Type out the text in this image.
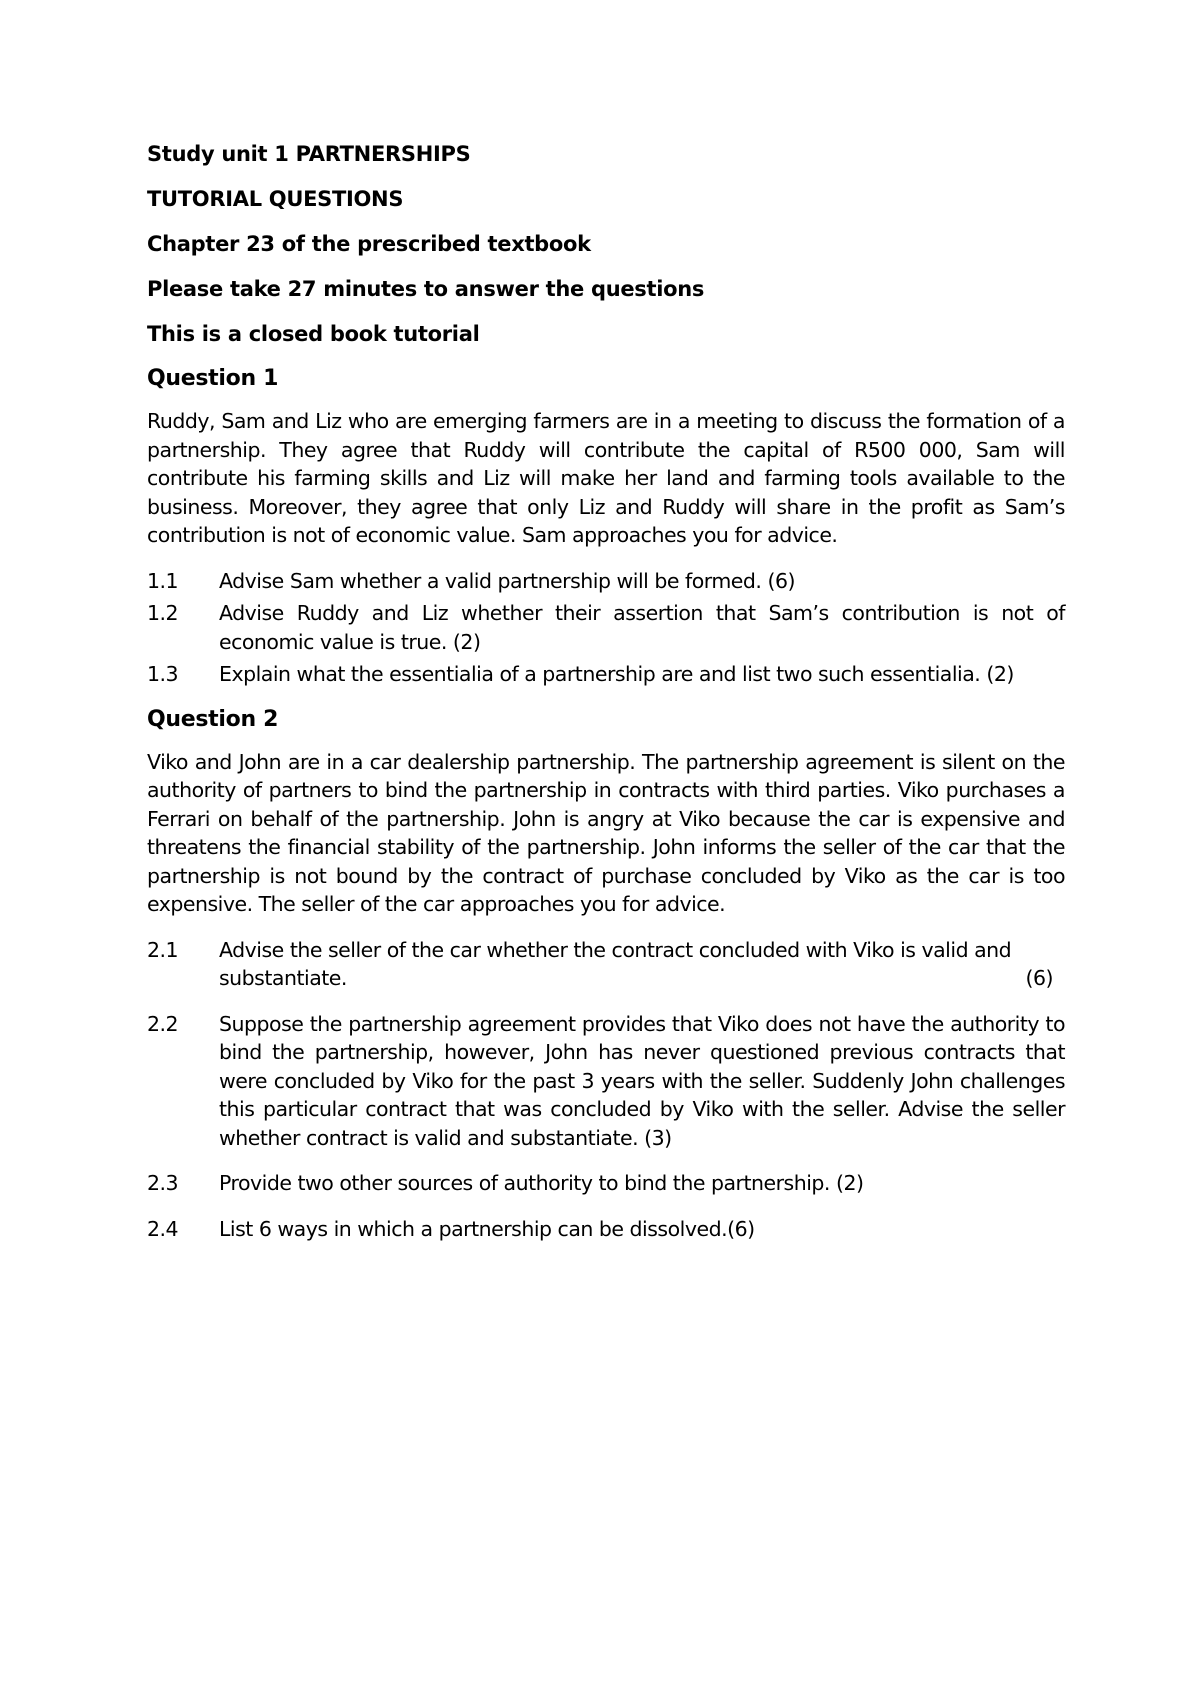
Study unit 1 PARTNERSHIPS

TUTORIAL QUESTIONS

Chapter 23 of the prescribed textbook

Please take 27 minutes to answer the questions

This is a closed book tutorial

Question 1

Ruddy, Sam and Liz who are emerging farmers are in a meeting to discuss the formation of a partnership. They agree that Ruddy will contribute the capital of R500 000, Sam will contribute his farming skills and Liz will make her land and farming tools available to the business. Moreover, they agree that only Liz and Ruddy will share in the profit as Sam’s contribution is not of economic value. Sam approaches you for advice.

1.1 Advise Sam whether a valid partnership will be formed. (6)
1.2 Advise Ruddy and Liz whether their assertion that Sam’s contribution is not of economic value is true. (2)
1.3 Explain what the essentialia of a partnership are and list two such essentialia. (2)

Question 2

Viko and John are in a car dealership partnership. The partnership agreement is silent on the authority of partners to bind the partnership in contracts with third parties. Viko purchases a Ferrari on behalf of the partnership. John is angry at Viko because the car is expensive and threatens the financial stability of the partnership. John informs the seller of the car that the partnership is not bound by the contract of purchase concluded by Viko as the car is too expensive. The seller of the car approaches you for advice.

2.1 Advise the seller of the car whether the contract concluded with Viko is valid and
substantiate.	(6)
2.2 Suppose the partnership agreement provides that Viko does not have the authority to bind the partnership, however, John has never questioned previous contracts that were concluded by Viko for the past 3 years with the seller. Suddenly John challenges this particular contract that was concluded by Viko with the seller. Advise the seller whether contract is valid and substantiate. (3)
2.3 Provide two other sources of authority to bind the partnership. (2)
2.4 List 6 ways in which a partnership can be dissolved.(6)
